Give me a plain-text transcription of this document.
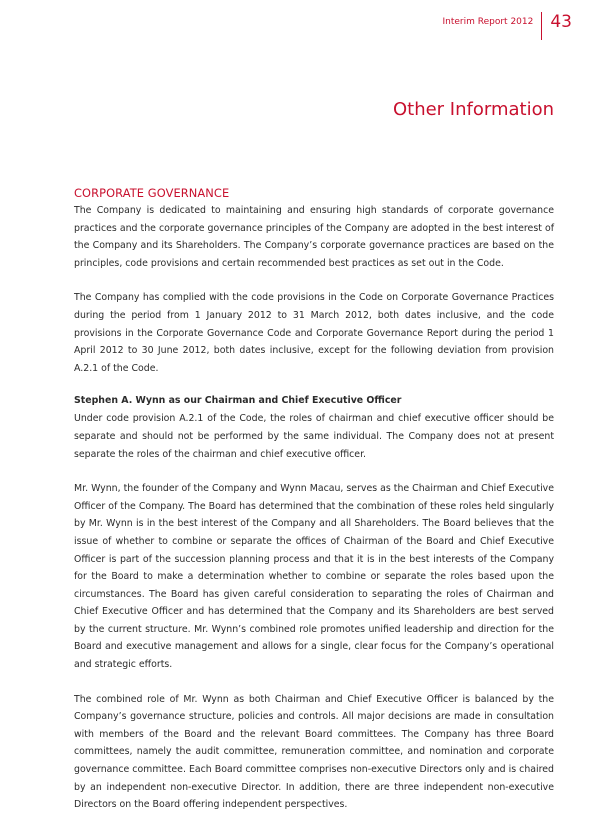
Interim Report 2012 43
Other Information
CORPORATE GOVERNANCE

The Company is dedicated to maintaining and ensuring high standards of corporate governance practices and the corporate governance principles of the Company are adopted in the best interest of the Company and its Shareholders. The Company’s corporate governance practices are based on the principles, code provisions and certain recommended best practices as set out in the Code.

The Company has complied with the code provisions in the Code on Corporate Governance Practices during the period from 1 January 2012 to 31 March 2012, both dates inclusive, and the code provisions in the Corporate Governance Code and Corporate Governance Report during the period 1 April 2012 to 30 June 2012, both dates inclusive, except for the following deviation from provision A.2.1 of the Code.

Stephen A. Wynn as our Chairman and Chief Executive Officer

Under code provision A.2.1 of the Code, the roles of chairman and chief executive officer should be separate and should not be performed by the same individual. The Company does not at present separate the roles of the chairman and chief executive officer.

Mr. Wynn, the founder of the Company and Wynn Macau, serves as the Chairman and Chief Executive Officer of the Company. The Board has determined that the combination of these roles held singularly by Mr. Wynn is in the best interest of the Company and all Shareholders. The Board believes that the issue of whether to combine or separate the offices of Chairman of the Board and Chief Executive Officer is part of the succession planning process and that it is in the best interests of the Company for the Board to make a determination whether to combine or separate the roles based upon the circumstances. The Board has given careful consideration to separating the roles of Chairman and Chief Executive Officer and has determined that the Company and its Shareholders are best served by the current structure. Mr. Wynn’s combined role promotes unified leadership and direction for the Board and executive management and allows for a single, clear focus for the Company’s operational and strategic efforts.

The combined role of Mr. Wynn as both Chairman and Chief Executive Officer is balanced by the Company’s governance structure, policies and controls. All major decisions are made in consultation with members of the Board and the relevant Board committees. The Company has three Board committees, namely the audit committee, remuneration committee, and nomination and corporate governance committee. Each Board committee comprises non-executive Directors only and is chaired by an independent non-executive Director. In addition, there are three independent non-executive Directors on the Board offering independent perspectives.
